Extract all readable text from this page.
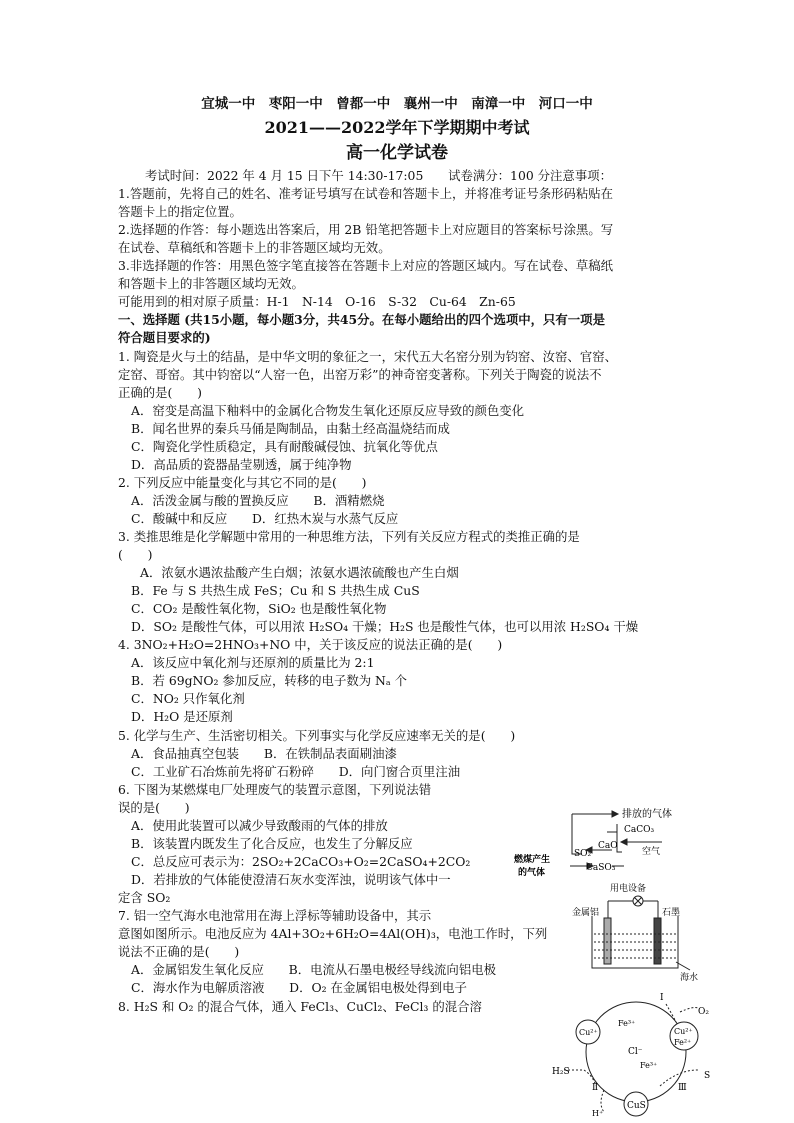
宜城一中　枣阳一中　曾都一中　襄州一中　南漳一中　河口一中
2021——2022学年下学期期中考试
高一化学试卷
考试时间：2022 年 4 月 15 日下午 14:30-17:05　　试卷满分：100 分注意事项：
1.答题前，先将自己的姓名、准考证号填写在试卷和答题卡上，并将准考证号条形码粘贴在
答题卡上的指定位置。
2.选择题的作答：每小题选出答案后，用 2B 铅笔把答题卡上对应题目的答案标号涂黑。写
在试卷、草稿纸和答题卡上的非答题区域均无效。
3.非选择题的作答：用黑色签字笔直接答在答题卡上对应的答题区域内。写在试卷、草稿纸
和答题卡上的非答题区域均无效。
可能用到的相对原子质量：H-1　N-14　O-16　S-32　Cu-64　Zn-65
一、选择题 (共15小题，每小题3分，共45分。在每小题给出的四个选项中，只有一项是
符合题目要求的)
1. 陶瓷是火与土的结晶，是中华文明的象征之一，宋代五大名窑分别为钧窑、汝窑、官窑、
定窑、哥窑。其中钧窑以“人窑一色，出窑万彩”的神奇窑变著称。下列关于陶瓷的说法不
正确的是(　　)
A．窑变是高温下釉料中的金属化合物发生氧化还原反应导致的颜色变化
B．闻名世界的秦兵马俑是陶制品，由黏土经高温烧结而成
C．陶瓷化学性质稳定，具有耐酸碱侵蚀、抗氧化等优点
D．高品质的瓷器晶莹剔透，属于纯净物
2. 下列反应中能量变化与其它不同的是(　　)
A．活泼金属与酸的置换反应　　B．酒精燃烧
C．酸碱中和反应　　D．红热木炭与水蒸气反应
3. 类推思维是化学解题中常用的一种思维方法，下列有关反应方程式的类推正确的是
(　　)
A．浓氨水遇浓盐酸产生白烟；浓氨水遇浓硫酸也产生白烟
B．Fe 与 S 共热生成 FeS；Cu 和 S 共热生成 CuS
C．CO₂ 是酸性氧化物，SiO₂ 也是酸性氧化物
D．SO₂ 是酸性气体，可以用浓 H₂SO₄ 干燥；H₂S 也是酸性气体，也可以用浓 H₂SO₄ 干燥
4. 3NO₂+H₂O=2HNO₃+NO 中，关于该反应的说法正确的是(　　)
A．该反应中氧化剂与还原剂的质量比为 2:1
B．若 69gNO₂ 参加反应，转移的电子数为 Nₐ 个
C．NO₂ 只作氧化剂
D．H₂O 是还原剂
5. 化学与生产、生活密切相关。下列事实与化学反应速率无关的是(　　)
A．食品抽真空包装　　B．在铁制品表面刷油漆
C．工业矿石冶炼前先将矿石粉碎　　D．向门窗合页里注油
6. 下图为某燃煤电厂处理废气的装置示意图，下列说法错
误的是(　　)
A．使用此装置可以减少导致酸雨的气体的排放
B．该装置内既发生了化合反应，也发生了分解反应
C．总反应可表示为：2SO₂+2CaCO₃+O₂=2CaSO₄+2CO₂
D．若排放的气体能使澄清石灰水变浑浊，说明该气体中一
定含 SO₂
7. 铝一空气海水电池常用在海上浮标等辅助设备中，其示
意图如图所示。电池反应为 4Al+3O₂+6H₂O=4Al(OH)₃，电池工作时，下列
说法不正确的是(　　)
A．金属铝发生氧化反应　　B．电流从石墨电极经导线流向铝电极
C．海水作为电解质溶液　　D．O₂ 在金属铝电极处得到电子
8. H₂S 和 O₂ 的混合气体，通入 FeCl₃、CuCl₂、FeCl₃ 的混合溶
排放的气体
CaCO₃
SO₂
CaO
空气
燃煤产生
的气体	CaSO₃
用电设备
金属铝	石墨
海水
I
O₂
Fe³⁺
Cu²⁺
Cl⁻
Cu²⁺
Fe²⁺
H₂S
Fe³⁺
S
Ⅱ	Ⅲ
H⁺
CuS
